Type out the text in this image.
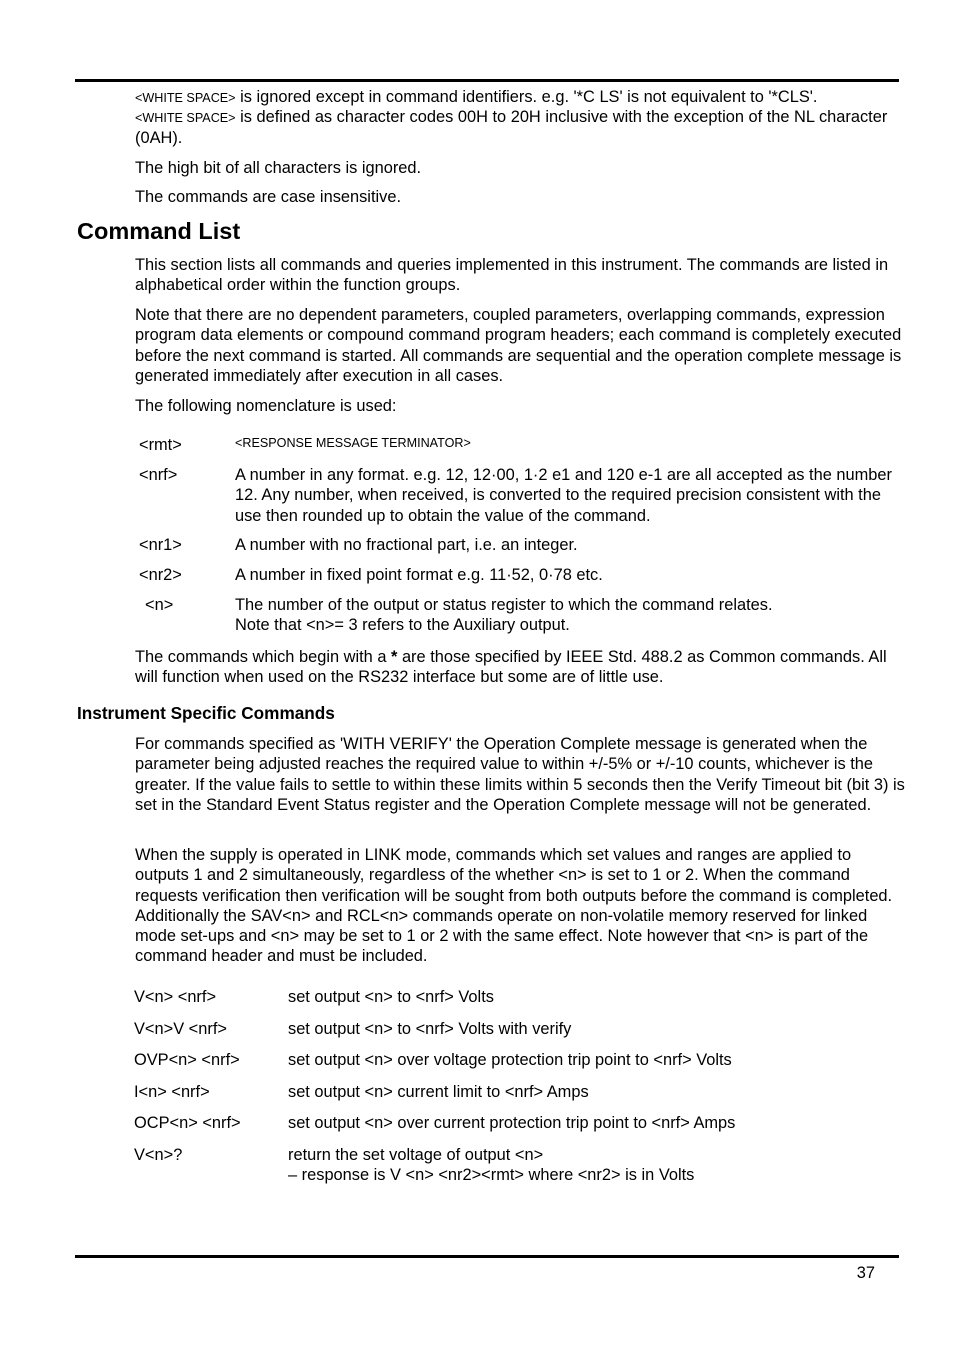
<WHITE SPACE> is ignored except in command identifiers. e.g. '*C LS' is not equivalent to '*CLS'.

<WHITE SPACE> is defined as character codes 00H to 20H inclusive with the exception of the NL character (0AH).

The high bit of all characters is ignored.

The commands are case insensitive.

Command List

This section lists all commands and queries implemented in this instrument. The commands are listed in alphabetical order within the function groups.

Note that there are no dependent parameters, coupled parameters, overlapping commands, expression program data elements or compound command program headers; each command is completely executed before the next command is started. All commands are sequential and the operation complete message is generated immediately after execution in all cases.

The following nomenclature is used:

<rmt>	<RESPONSE MESSAGE TERMINATOR>
<nrf>	A number in any format. e.g. 12, 12·00, 1·2 e1 and 120 e-1 are all accepted as the number 12. Any number, when received, is converted to the required precision consistent with the use then rounded up to obtain the value of the command.
<nr1>	A number with no fractional part, i.e. an integer.
<nr2>	A number in fixed point format e.g. 11·52, 0·78 etc.
<n>	The number of the output or status register to which the command relates.
Note that <n>= 3 refers to the Auxiliary output.

The commands which begin with a * are those specified by IEEE Std. 488.2 as Common commands. All will function when used on the RS232 interface but some are of little use.

Instrument Specific Commands

For commands specified as 'WITH VERIFY' the Operation Complete message is generated when the parameter being adjusted reaches the required value to within +/-5% or +/-10 counts, whichever is the greater. If the value fails to settle to within these limits within 5 seconds then the Verify Timeout bit (bit 3) is set in the Standard Event Status register and the Operation Complete message will not be generated.

When the supply is operated in LINK mode, commands which set values and ranges are applied to outputs 1 and 2 simultaneously, regardless of the whether <n> is set to 1 or 2. When the command requests verification then verification will be sought from both outputs before the command is completed. Additionally the SAV<n> and RCL<n> commands operate on non-volatile memory reserved for linked mode set-ups and <n> may be set to 1 or 2 with the same effect. Note however that <n> is part of the command header and must be included.

V<n> <nrf>	set output <n> to <nrf> Volts
V<n>V <nrf>	set output <n> to <nrf> Volts with verify
OVP<n> <nrf>	set output <n> over voltage protection trip point to <nrf> Volts
I<n> <nrf>	set output <n> current limit to <nrf> Amps
OCP<n> <nrf>	set output <n> over current protection trip point to <nrf> Amps
V<n>?	return the set voltage of output <n>
– response is V <n> <nr2><rmt> where <nr2> is in Volts
37
